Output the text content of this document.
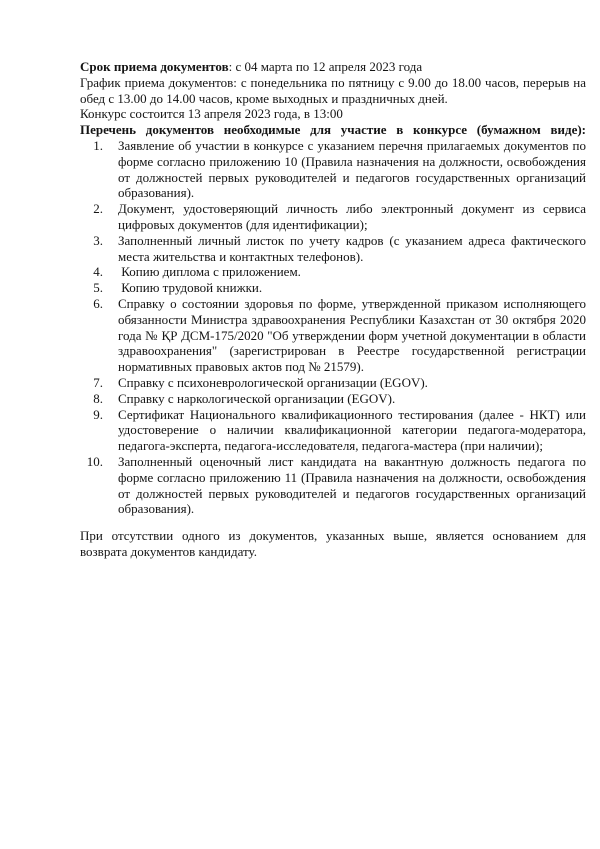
Срок приема документов: с 04 марта по 12 апреля 2023 года

График приема документов: с понедельника по пятницу с 9.00 до 18.00 часов, перерыв на обед с 13.00 до 14.00 часов, кроме выходных и праздничных дней.

Конкурс состоится 13 апреля 2023 года, в 13:00

Перечень документов необходимые для участие в конкурсе (бумажном виде):

1. Заявление об участии в конкурсе с указанием перечня прилагаемых документов по форме согласно приложению 10 (Правила назначения на должности, освобождения от должностей первых руководителей и педагогов государственных организаций образования).
2. Документ, удостоверяющий личность либо электронный документ из сервиса цифровых документов (для идентификации);
3. Заполненный личный листок по учету кадров (с указанием адреса фактического места жительства и контактных телефонов).
4. Копию диплома с приложением.
5. Копию трудовой книжки.
6. Справку о состоянии здоровья по форме, утвержденной приказом исполняющего обязанности Министра здравоохранения Республики Казахстан от 30 октября 2020 года № ҚР ДСМ-175/2020 "Об утверждении форм учетной документации в области здравоохранения" (зарегистрирован в Реестре государственной регистрации нормативных правовых актов под № 21579).
7. Справку с психоневрологической организации (EGOV).
8. Справку с наркологической организации (EGOV).
9. Сертификат Национального квалификационного тестирования (далее - НКТ) или удостоверение о наличии квалификационной категории педагога-модератора, педагога-эксперта, педагога-исследователя, педагога-мастера (при наличии);
10. Заполненный оценочный лист кандидата на вакантную должность педагога по форме согласно приложению 11 (Правила назначения на должности, освобождения от должностей первых руководителей и педагогов государственных организаций образования).

При отсутствии одного из документов, указанных выше, является основанием для возврата документов кандидату.
